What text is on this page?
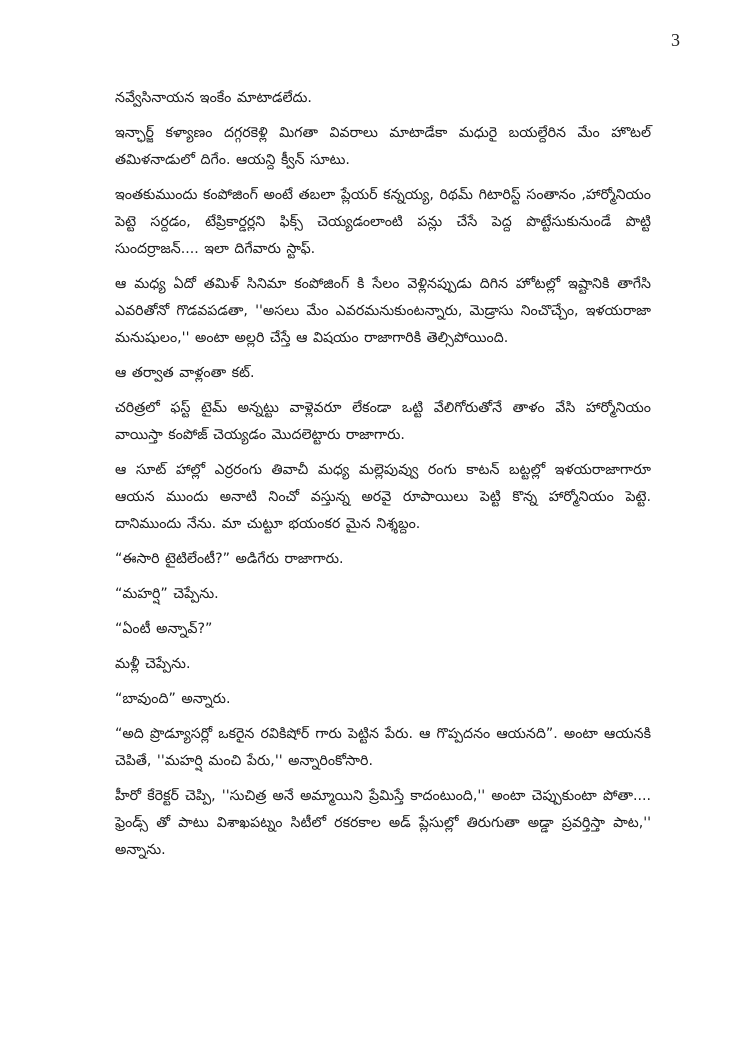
3

నవ్వేసినాయన ఇంకేం మాటాడలేదు.

ఇన్ఛార్జ్ కళ్యాణం దగ్గరకెళ్లి మిగతా వివరాలు మాటాడేకా మధురై బయల్దేరిన మేం హొటల్ తమిళనాడులో దిగేం. ఆయన్ది క్వీన్ సూటు.

ఇంతకుముందు కంపోజింగ్ అంటే తబలా ప్లేయర్ కన్నయ్య, రిథమ్ గిటారిస్ట్ సంతానం ,హార్మోనియం పెట్టె సర్దడం, టేప్రికార్డర్లని ఫిక్స్ చెయ్యడంలాంటి పన్లు చేసే పెద్ద పొట్టేసుకునుండే పొట్టి సుందర్రాజన్.... ఇలా దిగేవారు స్టాఫ్.

ఆ మధ్య ఏదో తమిళ్ సినిమా కంపోజింగ్ కి సేలం వెళ్లినప్పుడు దిగిన హోటల్లో ఇష్టానికి తాగేసి ఎవరితోనో గొడవపడతా, ''అసలు మేం ఎవరమనుకుంటన్నారు, మెడ్రాసు నించొచ్చేం, ఇళయరాజా మనుషులం,'' అంటా అల్లరి చేస్తే ఆ విషయం రాజాగారికి తెల్సిపోయింది.

ఆ తర్వాత వాళ్లంతా కట్.

చరిత్రలో ఫస్ట్ టైమ్ అన్నట్టు వాళ్లెవరూ లేకండా ఒట్టి వేలిగోరుతోనే తాళం వేసి హార్మోనియం వాయిస్తా కంపోజ్ చెయ్యడం మొదలెట్టారు రాజాగారు.

ఆ సూట్ హాల్లో ఎర్రరంగు తివాచీ మధ్య మల్లెపువ్వు రంగు కాటన్ బట్టల్లో ఇళయరాజాగారూ ఆయన ముందు అనాటి నించో వస్తున్న అరవై రూపాయిలు పెట్టి కొన్న హార్మోనియం పెట్టె. దానిముందు నేను. మా చుట్టూ భయంకర మైన నిశ్శబ్దం.

“ఈసారి టైటిలేంటీ?” అడిగేరు రాజాగారు.

“మహర్షి” చెప్పేను.

“ఏంటీ అన్నావ్?”

మళ్లీ చెప్పేను.

“బావుంది” అన్నారు.

“అది ప్రొడ్యూసర్లో ఒకరైన రవికిషోర్ గారు పెట్టిన పేరు. ఆ గొప్పదనం ఆయనది”. అంటా ఆయనకి చెపితే, ''మహర్షి మంచి పేరు,'' అన్నారింకోసారి.

హీరో కేరెక్టర్ చెప్పి, ''సుచిత్ర అనే అమ్మాయిని ప్రేమిస్తే కాదంటుంది,'' అంటా చెప్పుకుంటా పోతా.... ఫ్రెండ్స్ తో పాటు విశాఖపట్నం సిటీలో రకరకాల అడ్ ప్లేసుల్లో తిరుగుతా అడ్డా ప్రవర్తిస్తా పాట,'' అన్నాను.
